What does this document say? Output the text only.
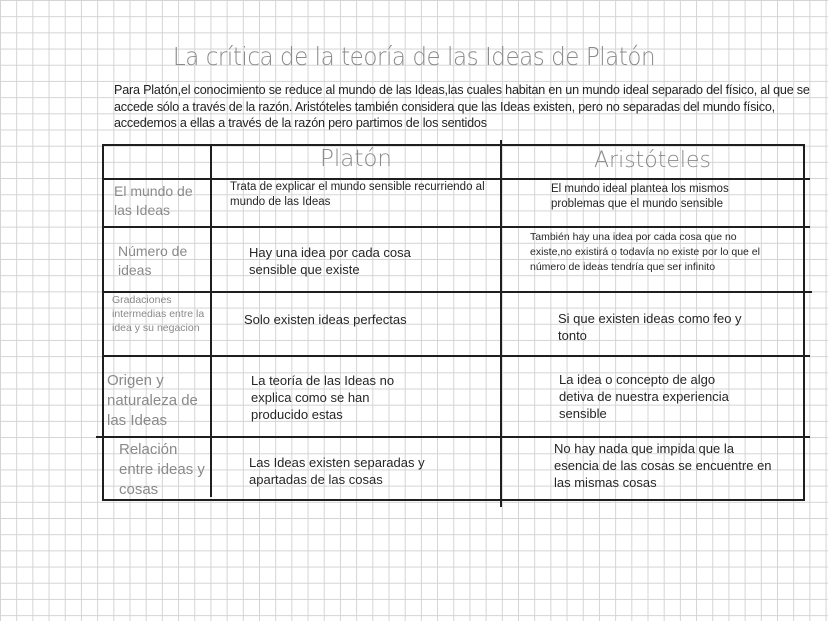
La crítica de la teoría de las Ideas de Platón
Para Platón,el conocimiento se reduce al mundo de las Ideas,las cuales habitan en un mundo ideal separado del físico, al que se accede sólo a través de la razón. Aristóteles también considera que las Ideas existen, pero no separadas del mundo físico, accedemos a ellas a través de la razón pero partimos de los sentidos
Platón	Aristóteles
El mundo de las Ideas
Trata de explicar el mundo sensible recurriendo al mundo de las Ideas
El mundo ideal plantea los mismos problemas que el mundo sensible
Número de ideas
Hay una idea por cada cosa sensible que existe
También hay una idea por cada cosa que no existe,no existirá o todavía no existe por lo que el número de ideas tendría que ser infinito
Gradaciones intermedias entre la idea y su negacion
Solo existen ideas perfectas	Si que existen ideas como feo y tonto
Origen y naturaleza de las Ideas
La teoría de las Ideas no explica como se han producido estas
La idea o concepto de algo detiva de nuestra experiencia sensible
Relación entre ideas y cosas
Las Ideas existen separadas y apartadas de las cosas
No hay nada que impida que la esencia de las cosas se encuentre en las mismas cosas
